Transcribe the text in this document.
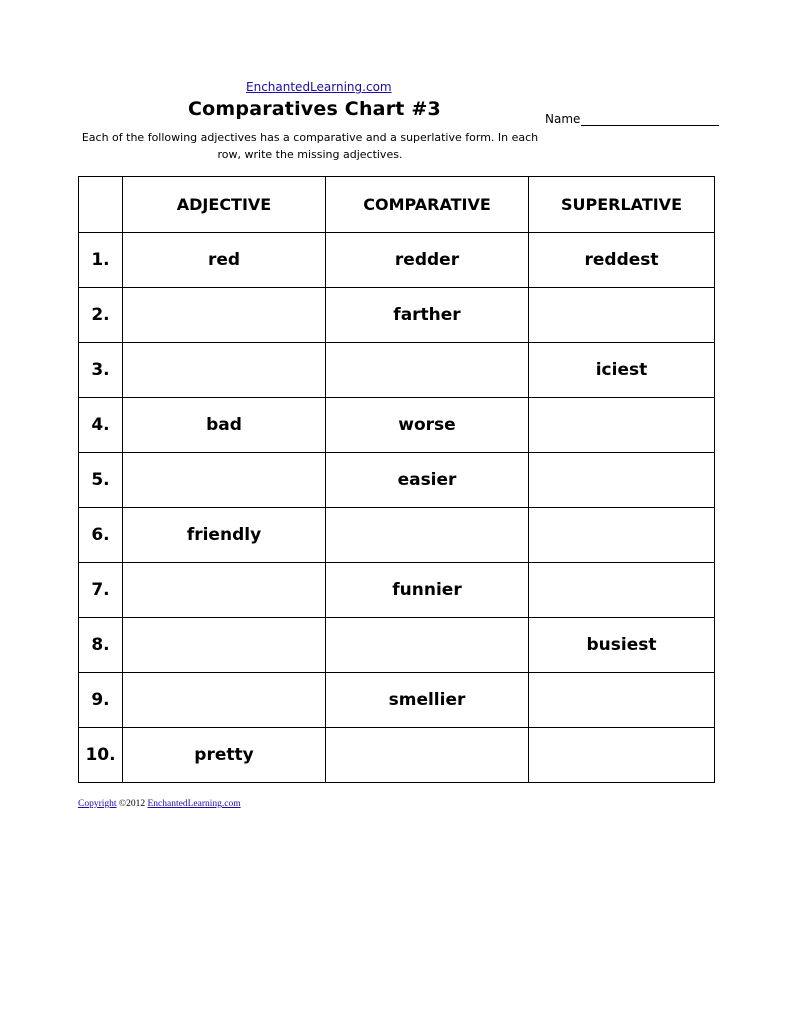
EnchantedLearning.com
Comparatives Chart #3	Name
Each of the following adjectives has a comparative and a superlative form. In each row, write the missing adjectives.
	ADJECTIVE	COMPARATIVE	SUPERLATIVE
1.	red	redder	reddest
2.		farther	
3.			iciest
4.	bad	worse	
5.		easier	
6.	friendly		
7.		funnier	
8.			busiest
9.		smellier	
10.	pretty		
Copyright ©2012 EnchantedLearning.com
